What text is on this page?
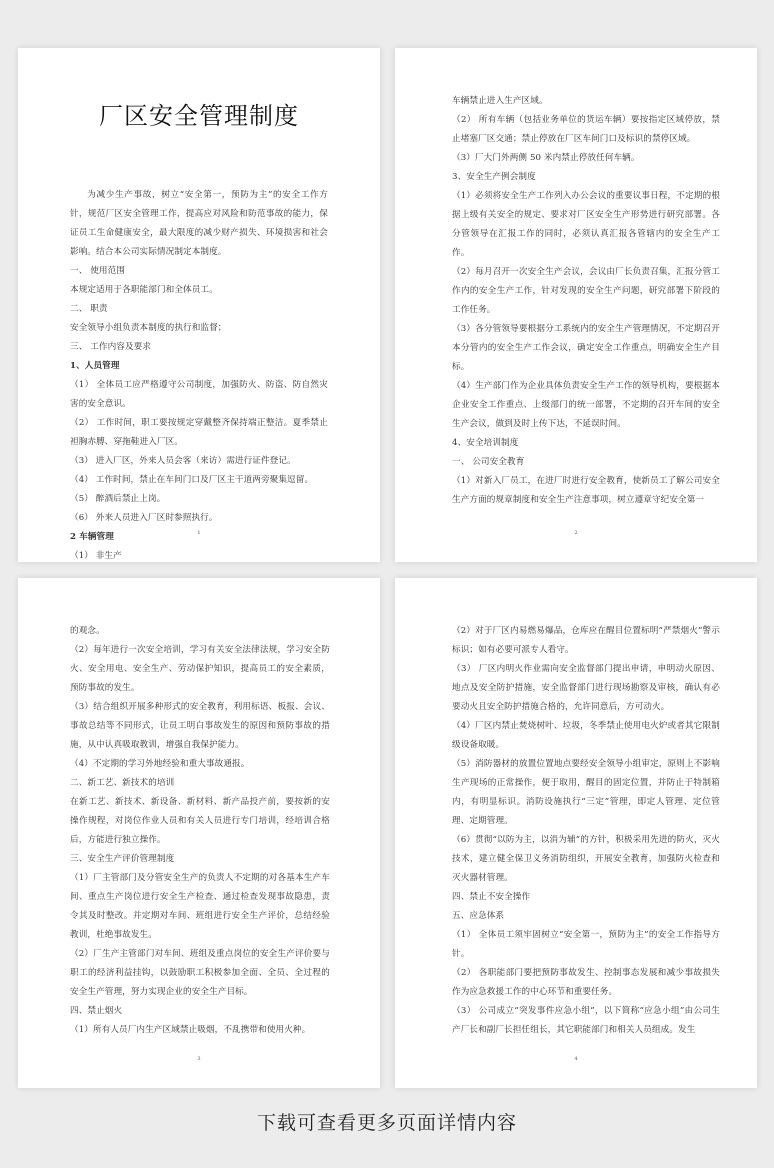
厂区安全管理制度

为减少生产事故，树立“安全第一，预防为主”的安全工作方针，规范厂区安全管理工作，提高应对风险和防范事故的能力，保证员工生命健康安全，最大限度的减少财产损失、环境损害和社会影响。结合本公司实际情况制定本制度。

一、 使用范围

本规定适用于各职能部门和全体员工。

二、 职责

安全领导小组负责本制度的执行和监督；

三、 工作内容及要求

1、人员管理

（1） 全体员工应严格遵守公司制度，加强防火、防盗、防自然灾害的安全意识。

（2） 工作时间，职工要按规定穿戴整齐保持端正整洁。夏季禁止袒胸赤膊、穿拖鞋进入厂区。

（3） 进入厂区，外来人员会客（来访）需进行证件登记。

（4） 工作时间，禁止在车间门口及厂区主干道两旁聚集逗留。

（5） 醉酒后禁止上岗。

（6） 外来人员进入厂区时参照执行。

2 车辆管理

（1） 非生产

1

车辆禁止进入生产区域。

（2） 所有车辆（包括业务单位的货运车辆）要按指定区域停放，禁止堵塞厂区交通；禁止停放在厂区车间门口及标识的禁停区域。

（3）厂大门外两侧 50 米内禁止停放任何车辆。

3、安全生产例会制度

（1）必须将安全生产工作列入办公会议的重要议事日程，不定期的根据上级有关安全的规定、要求对厂区安全生产形势进行研究部署。各分管领导在汇报工作的同时，必须认真汇报各管辖内的安全生产工作。

（2）每月召开一次安全生产会议，会议由厂长负责召集，汇报分管工作内的安全生产工作，针对发现的安全生产问题，研究部署下阶段的工作任务。

（3）各分管领导要根据分工系统内的安全生产管理情况，不定期召开本分管内的安全生产工作会议，确定安全工作重点，明确安全生产目标。

（4）生产部门作为企业具体负责安全生产工作的领导机构，要根据本企业安全工作重点、上级部门的统一部署，不定期的召开车间的安全生产会议，做到及时上传下达，不延误时间。

4、安全培训制度

一、 公司安全教育

（1）对新入厂员工，在进厂时进行安全教育，使新员工了解公司安全生产方面的规章制度和安全生产注意事项，树立遵章守纪安全第一

2

的观念。

（2）每年进行一次安全培训，学习有关安全法律法规，学习安全防火、安全用电、安全生产、劳动保护知识，提高员工的安全素质，预防事故的发生。

（3）结合组织开展多种形式的安全教育，利用标语、板报、会议、事故总结等不同形式，让员工明白事故发生的原因和预防事故的措施，从中认真吸取教训，增强自我保护能力。

（4）不定期的学习外地经验和重大事故通报。

二、新工艺、新技术的培训

在新工艺、新技术、新设备、新材料、新产品投产前，要按新的安操作规程，对岗位作业人员和有关人员进行专门培训，经培训合格后，方能进行独立操作。

三、安全生产评价管理制度

（1）厂主管部门及分管安全生产的负责人不定期的对各基本生产车间、重点生产岗位进行安全生产检查、通过检查发现事故隐患，责令其及时整改。并定期对车间、班组进行安全生产评价，总结经验教训，杜绝事故发生。

（2）厂生产主管部门对车间、班组及重点岗位的安全生产评价要与职工的经济利益挂钩，以鼓励职工积极参加全面、全员、全过程的安全生产管理，努力实现企业的安全生产目标。

四、禁止烟火

（1）所有人员厂内生产区域禁止吸烟，不乱携带和使用火种。

3

（2）对于厂区内易燃易爆品，仓库应在醒目位置标明“严禁烟火”警示标识；如有必要可派专人看守。

（3） 厂区内明火作业需向安全监督部门提出申请，申明动火原因、地点及安全防护措施，安全监督部门进行现场勘察及审核，确认有必要动火且安全防护措施合格的，允许同意后，方可动火。

（4）厂区内禁止焚烧树叶、垃圾，冬季禁止使用电火炉或者其它限制级设备取暖。

（5）消防器材的放置位置地点要经安全领导小组审定，原则上不影响生产现场的正常操作，便于取用，醒目的固定位置，并防止于特制箱内，有明显标识。消防设施执行“三定”管理，即定人管理、定位管理、定期管理。

（6）贯彻“以防为主，以消为辅”的方针，积极采用先进的防火，灭火技术，建立健全保卫义务消防组织，开展安全教育，加强防火检查和灭火器材管理。

四、禁止不安全操作

五、应急体系

（1） 全体员工须牢固树立“安全第一，预防为主”的安全工作指导方针。

（2） 各职能部门要把预防事故发生、控制事态发展和减少事故损失作为应急救援工作的中心环节和重要任务。

（3） 公司成立“突发事件应急小组”，以下简称“应急小组”由公司生产厂长和副厂长担任组长，其它职能部门和相关人员组成。发生

4
下载可查看更多页面详情内容
